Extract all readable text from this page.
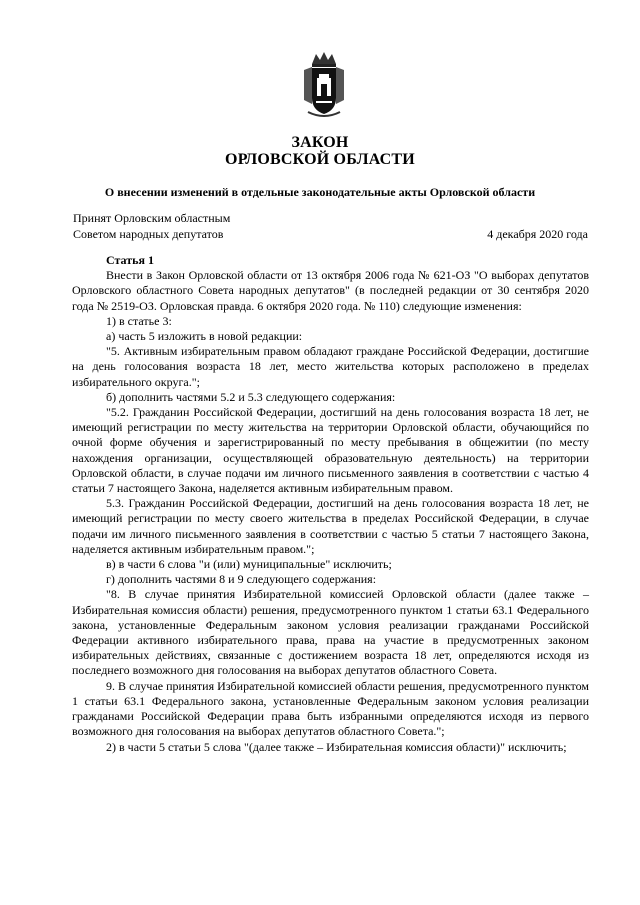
ЗАКОН
ОРЛОВСКОЙ ОБЛАСТИ
О внесении изменений в отдельные законодательные акты Орловской области
Принят Орловским областным
Советом народных депутатов	4 декабря 2020 года

Статья 1

Внести в Закон Орловской области от 13 октября 2006 года № 621-ОЗ "О выборах депутатов Орловского областного Совета народных депутатов" (в последней редакции от 30 сентября 2020 года № 2519-ОЗ. Орловская правда. 6 октября 2020 года. № 110) следующие изменения:

1) в статье 3:

а) часть 5 изложить в новой редакции:

"5. Активным избирательным правом обладают граждане Российской Федерации, достигшие на день голосования возраста 18 лет, место жительства которых расположено в пределах избирательного округа.";

б) дополнить частями 5.2 и 5.3 следующего содержания:

"5.2. Гражданин Российской Федерации, достигший на день голосования возраста 18 лет, не имеющий регистрации по месту жительства на территории Орловской области, обучающийся по очной форме обучения и зарегистрированный по месту пребывания в общежитии (по месту нахождения организации, осуществляющей образовательную деятельность) на территории Орловской области, в случае подачи им личного письменного заявления в соответствии с частью 4 статьи 7 настоящего Закона, наделяется активным избирательным правом.

5.3. Гражданин Российской Федерации, достигший на день голосования возраста 18 лет, не имеющий регистрации по месту своего жительства в пределах Российской Федерации, в случае подачи им личного письменного заявления в соответствии с частью 5 статьи 7 настоящего Закона, наделяется активным избирательным правом.";

в) в части 6 слова "и (или) муниципальные" исключить;

г) дополнить частями 8 и 9 следующего содержания:

"8. В случае принятия Избирательной комиссией Орловской области (далее также – Избирательная комиссия области) решения, предусмотренного пунктом 1 статьи 63.1 Федерального закона, установленные Федеральным законом условия реализации гражданами Российской Федерации активного избирательного права, права на участие в предусмотренных законом избирательных действиях, связанные с достижением возраста 18 лет, определяются исходя из последнего возможного дня голосования на выборах депутатов областного Совета.

9. В случае принятия Избирательной комиссией области решения, предусмотренного пунктом 1 статьи 63.1 Федерального закона, установленные Федеральным законом условия реализации гражданами Российской Федерации права быть избранными определяются исходя из первого возможного дня голосования на выборах депутатов областного Совета.";

2) в части 5 статьи 5 слова "(далее также – Избирательная комиссия области)" исключить;
